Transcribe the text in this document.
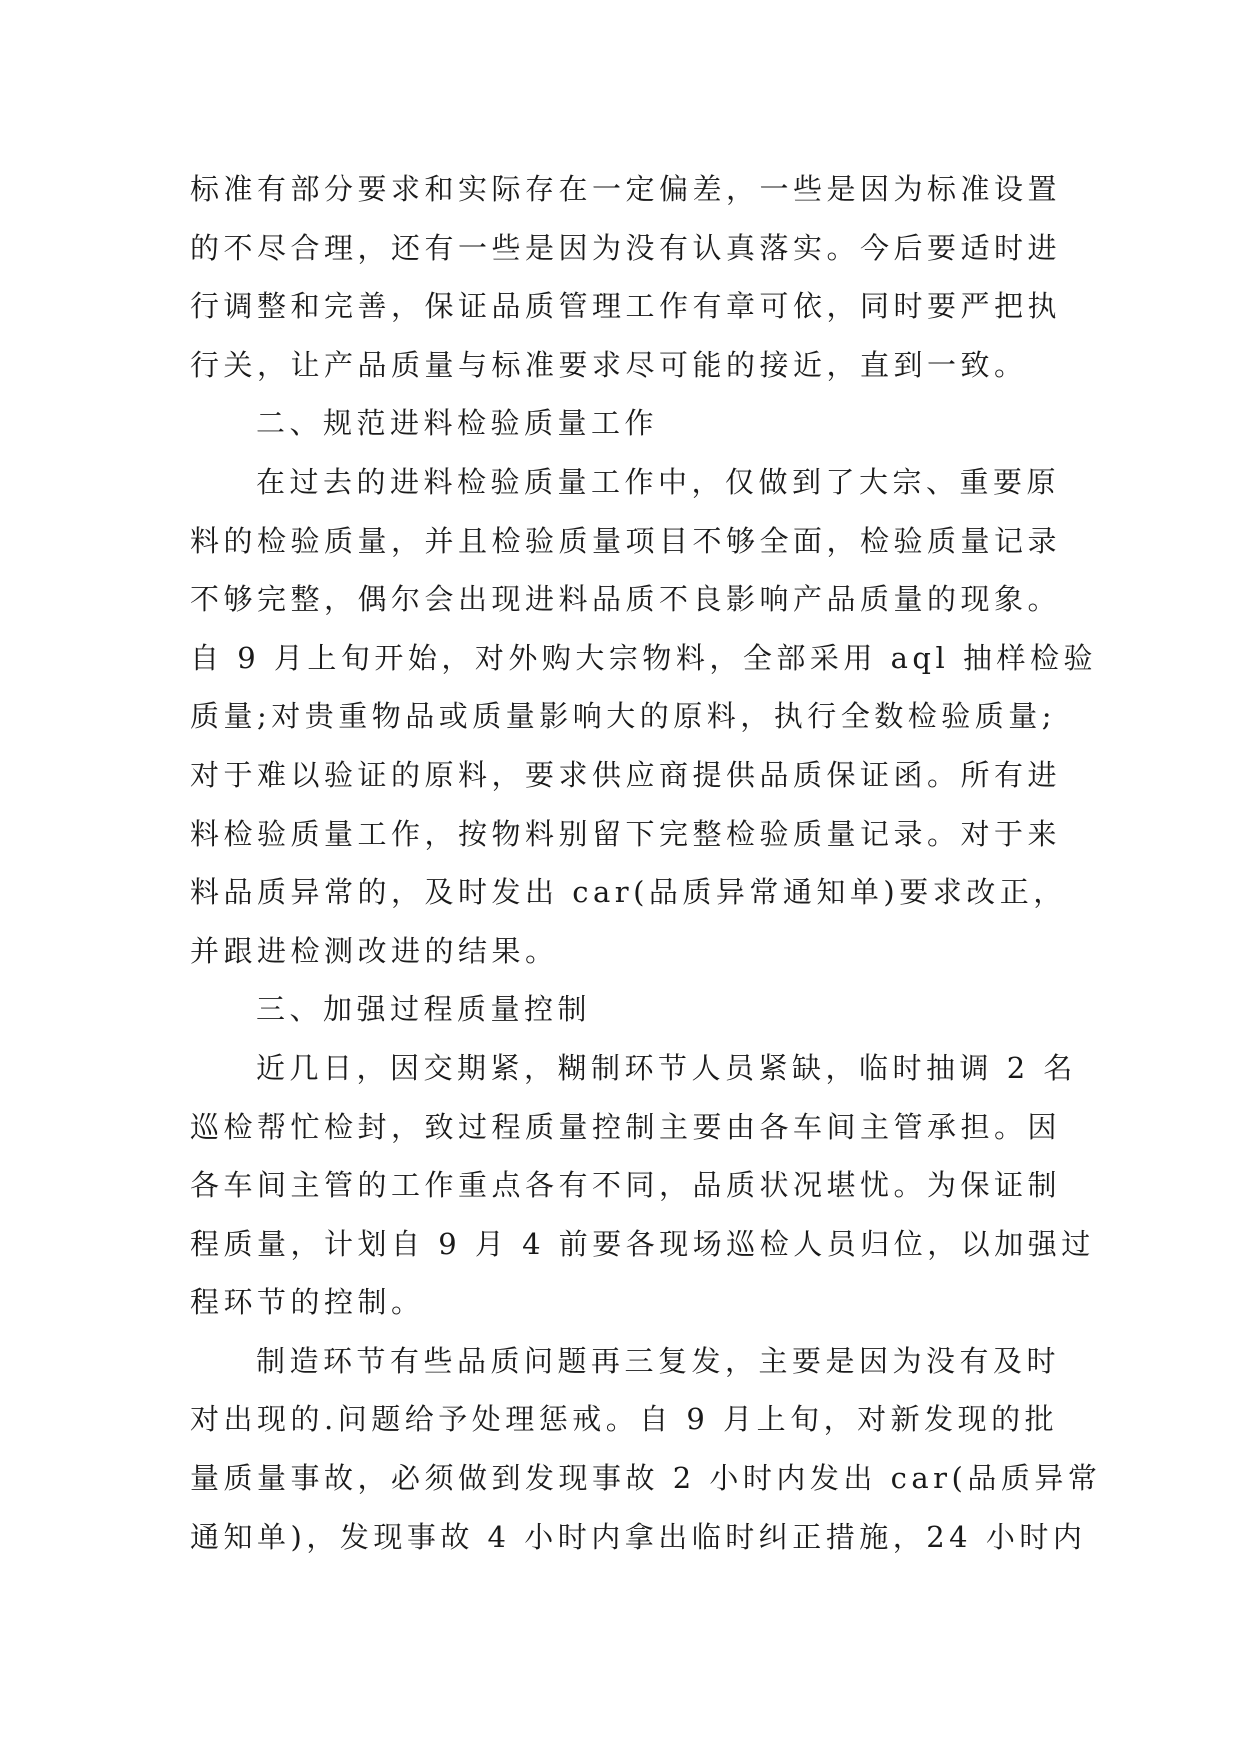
标准有部分要求和实际存在一定偏差，一些是因为标准设置
的不尽合理，还有一些是因为没有认真落实。今后要适时进
行调整和完善，保证品质管理工作有章可依，同时要严把执
行关，让产品质量与标准要求尽可能的接近，直到一致。
二、规范进料检验质量工作
在过去的进料检验质量工作中，仅做到了大宗、重要原
料的检验质量，并且检验质量项目不够全面，检验质量记录
不够完整，偶尔会出现进料品质不良影响产品质量的现象。
自 9 月上旬开始，对外购大宗物料，全部采用 aql 抽样检验
质量;对贵重物品或质量影响大的原料，执行全数检验质量;
对于难以验证的原料，要求供应商提供品质保证函。所有进
料检验质量工作，按物料别留下完整检验质量记录。对于来
料品质异常的，及时发出 car(品质异常通知单)要求改正，
并跟进检测改进的结果。
三、加强过程质量控制
近几日，因交期紧，糊制环节人员紧缺，临时抽调 2 名
巡检帮忙检封，致过程质量控制主要由各车间主管承担。因
各车间主管的工作重点各有不同，品质状况堪忧。为保证制
程质量，计划自 9 月 4 前要各现场巡检人员归位，以加强过
程环节的控制。
制造环节有些品质问题再三复发，主要是因为没有及时
对出现的.问题给予处理惩戒。自 9 月上旬，对新发现的批
量质量事故，必须做到发现事故 2 小时内发出 car(品质异常
通知单)，发现事故 4 小时内拿出临时纠正措施，24 小时内
